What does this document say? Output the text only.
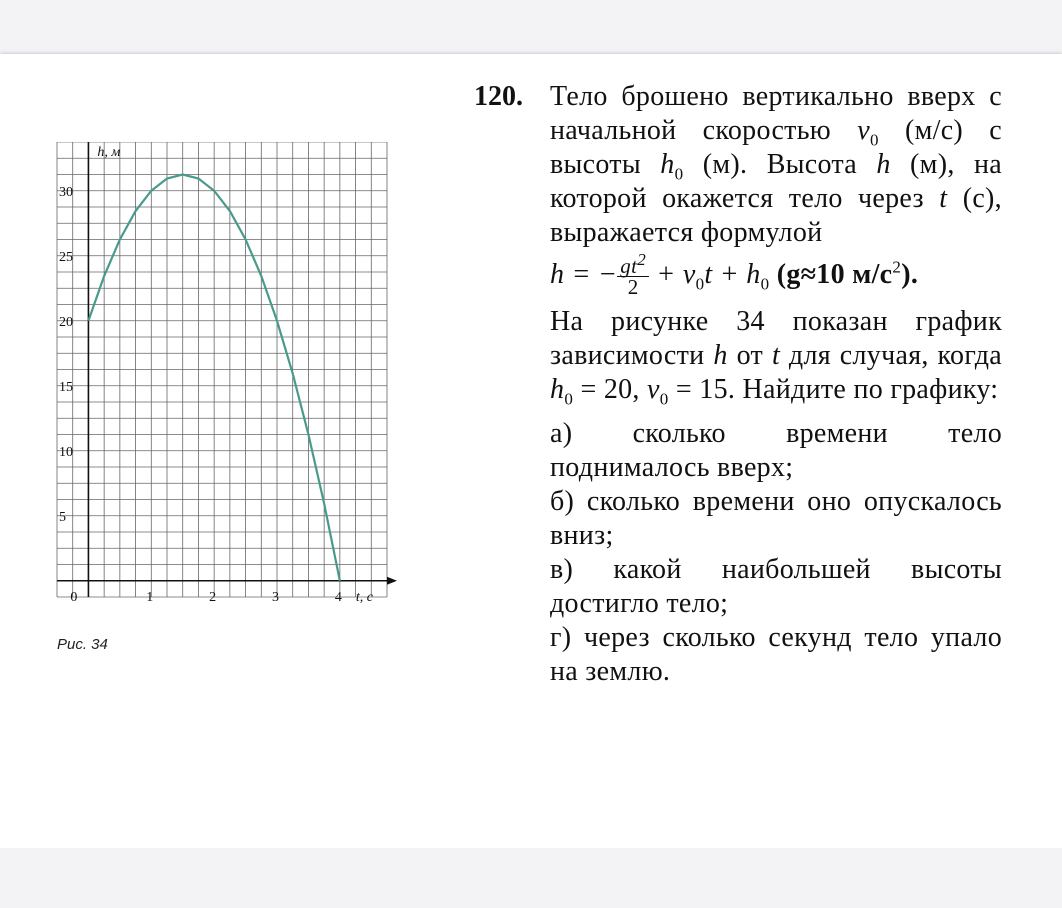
0	1	2	3	4
5
10
15
20
25
30
t, с
h, м
Рис. 34
120. Тело брошено вертикально вверх с начальной скоростью $v_0$ (м/с) с высоты $h_0$ (м). Высота h (м), на которой окажется тело через t (с), выражается формулой

h = − $\frac{gt^2}{2} + v_0t + h_0$ (g≈10 $м/с^2$).

На рисунке 34 показан график зависимости h от t для случая, когда $h_0 = 20$, $v_0 = 15$. Найдите по графику:

а) сколько времени тело поднималось вверх;

б) сколько времени оно опускалось вниз;

в) какой наибольшей высоты достигло тело;

г) через сколько секунд тело упало на землю.
